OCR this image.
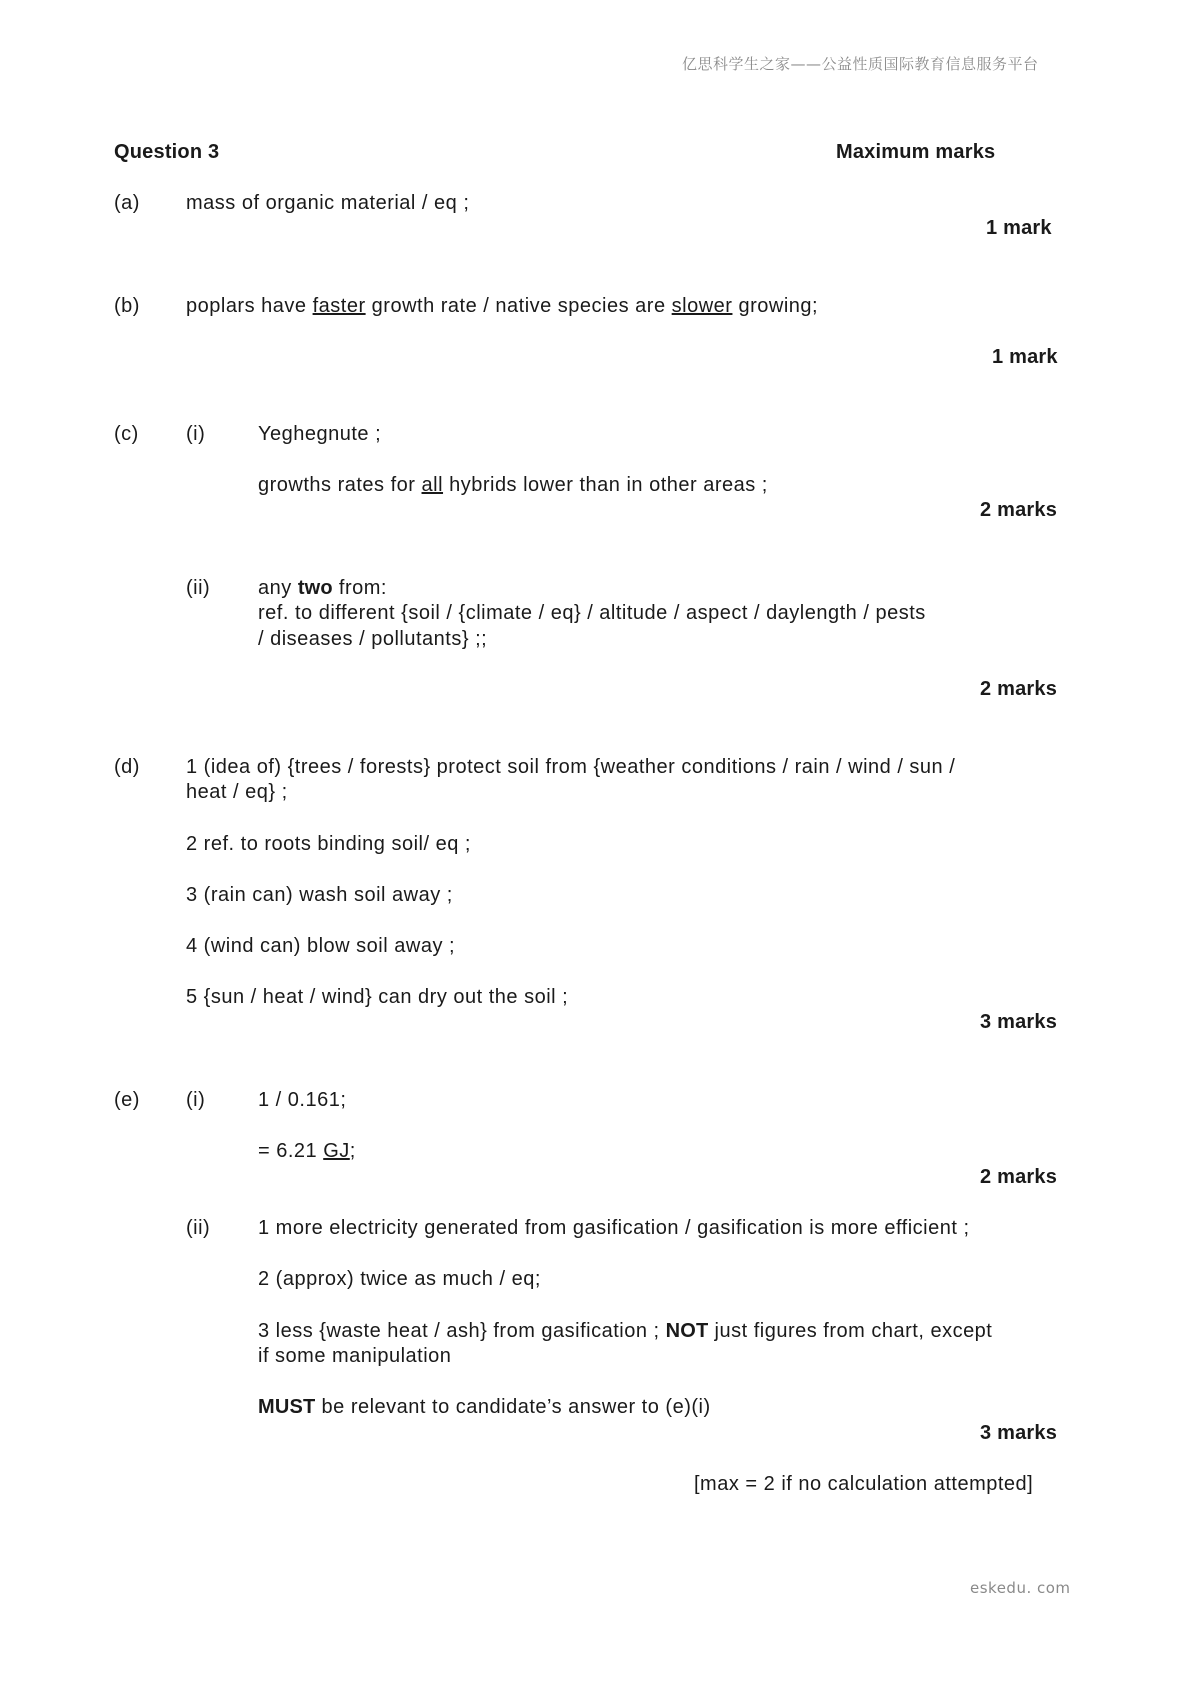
亿思科学生之家——公益性质国际教育信息服务平台
Question 3	Maximum marks
(a) mass of organic material / eq ;
1 mark
(b) poplars have faster growth rate / native species are slower growing;
1 mark
(c) (i)	Yeghegnute ;
growths rates for all hybrids lower than in other areas ;
2 marks
(ii) any two from:
ref. to different {soil / {climate / eq} / altitude / aspect / daylength / pests
/ diseases / pollutants} ;;
2 marks
(d) 1 (idea of) {trees / forests} protect soil from {weather conditions / rain / wind / sun /
heat / eq} ;
2 ref. to roots binding soil/ eq ;
3 (rain can) wash soil away ;
4 (wind can) blow soil away ;
5 {sun / heat / wind} can dry out the soil ;
3 marks
(e) (i)	1 / 0.161;
= 6.21 GJ;
2 marks
(ii) 1 more electricity generated from gasification / gasification is more efficient ;
2 (approx) twice as much / eq;
3 less {waste heat / ash} from gasification ; NOT just figures from chart, except
if some manipulation
MUST be relevant to candidate’s answer to (e)(i)
3 marks
[max = 2 if no calculation attempted]
eskedu. com
